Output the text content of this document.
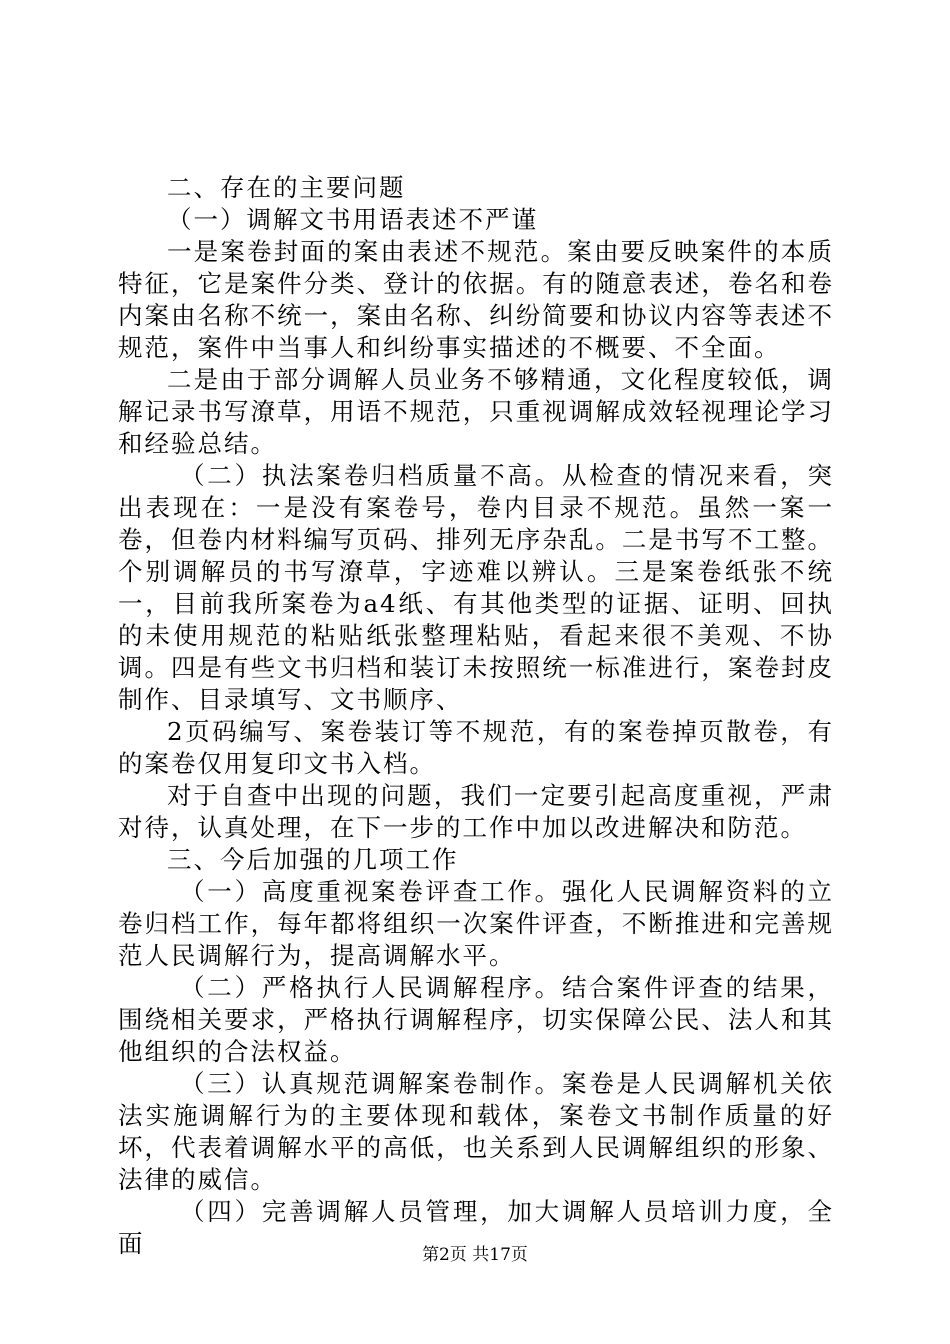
二、存在的主要问题

（一）调解文书用语表述不严谨

一是案卷封面的案由表述不规范。案由要反映案件的本质特征，它是案件分类、登计的依据。有的随意表述，卷名和卷内案由名称不统一，案由名称、纠纷简要和协议内容等表述不规范，案件中当事人和纠纷事实描述的不概要、不全面。

二是由于部分调解人员业务不够精通，文化程度较低，调解记录书写潦草，用语不规范，只重视调解成效轻视理论学习和经验总结。

（二）执法案卷归档质量不高。从检查的情况来看，突出表现在：一是没有案卷号，卷内目录不规范。虽然一案一卷，但卷内材料编写页码、排列无序杂乱。二是书写不工整。个别调解员的书写潦草，字迹难以辨认。三是案卷纸张不统一，目前我所案卷为a4纸、有其他类型的证据、证明、回执的未使用规范的粘贴纸张整理粘贴，看起来很不美观、不协调。四是有些文书归档和装订未按照统一标准进行，案卷封皮制作、目录填写、文书顺序、

2页码编写、案卷装订等不规范，有的案卷掉页散卷，有的案卷仅用复印文书入档。

对于自查中出现的问题，我们一定要引起高度重视，严肃对待，认真处理，在下一步的工作中加以改进解决和防范。

三、今后加强的几项工作

（一）高度重视案卷评查工作。强化人民调解资料的立卷归档工作，每年都将组织一次案件评查，不断推进和完善规范人民调解行为，提高调解水平。

（二）严格执行人民调解程序。结合案件评查的结果，围绕相关要求，严格执行调解程序，切实保障公民、法人和其他组织的合法权益。

（三）认真规范调解案卷制作。案卷是人民调解机关依法实施调解行为的主要体现和载体，案卷文书制作质量的好坏，代表着调解水平的高低，也关系到人民调解组织的形象、法律的威信。

（四）完善调解人员管理，加大调解人员培训力度，全面	第2页 共17页
